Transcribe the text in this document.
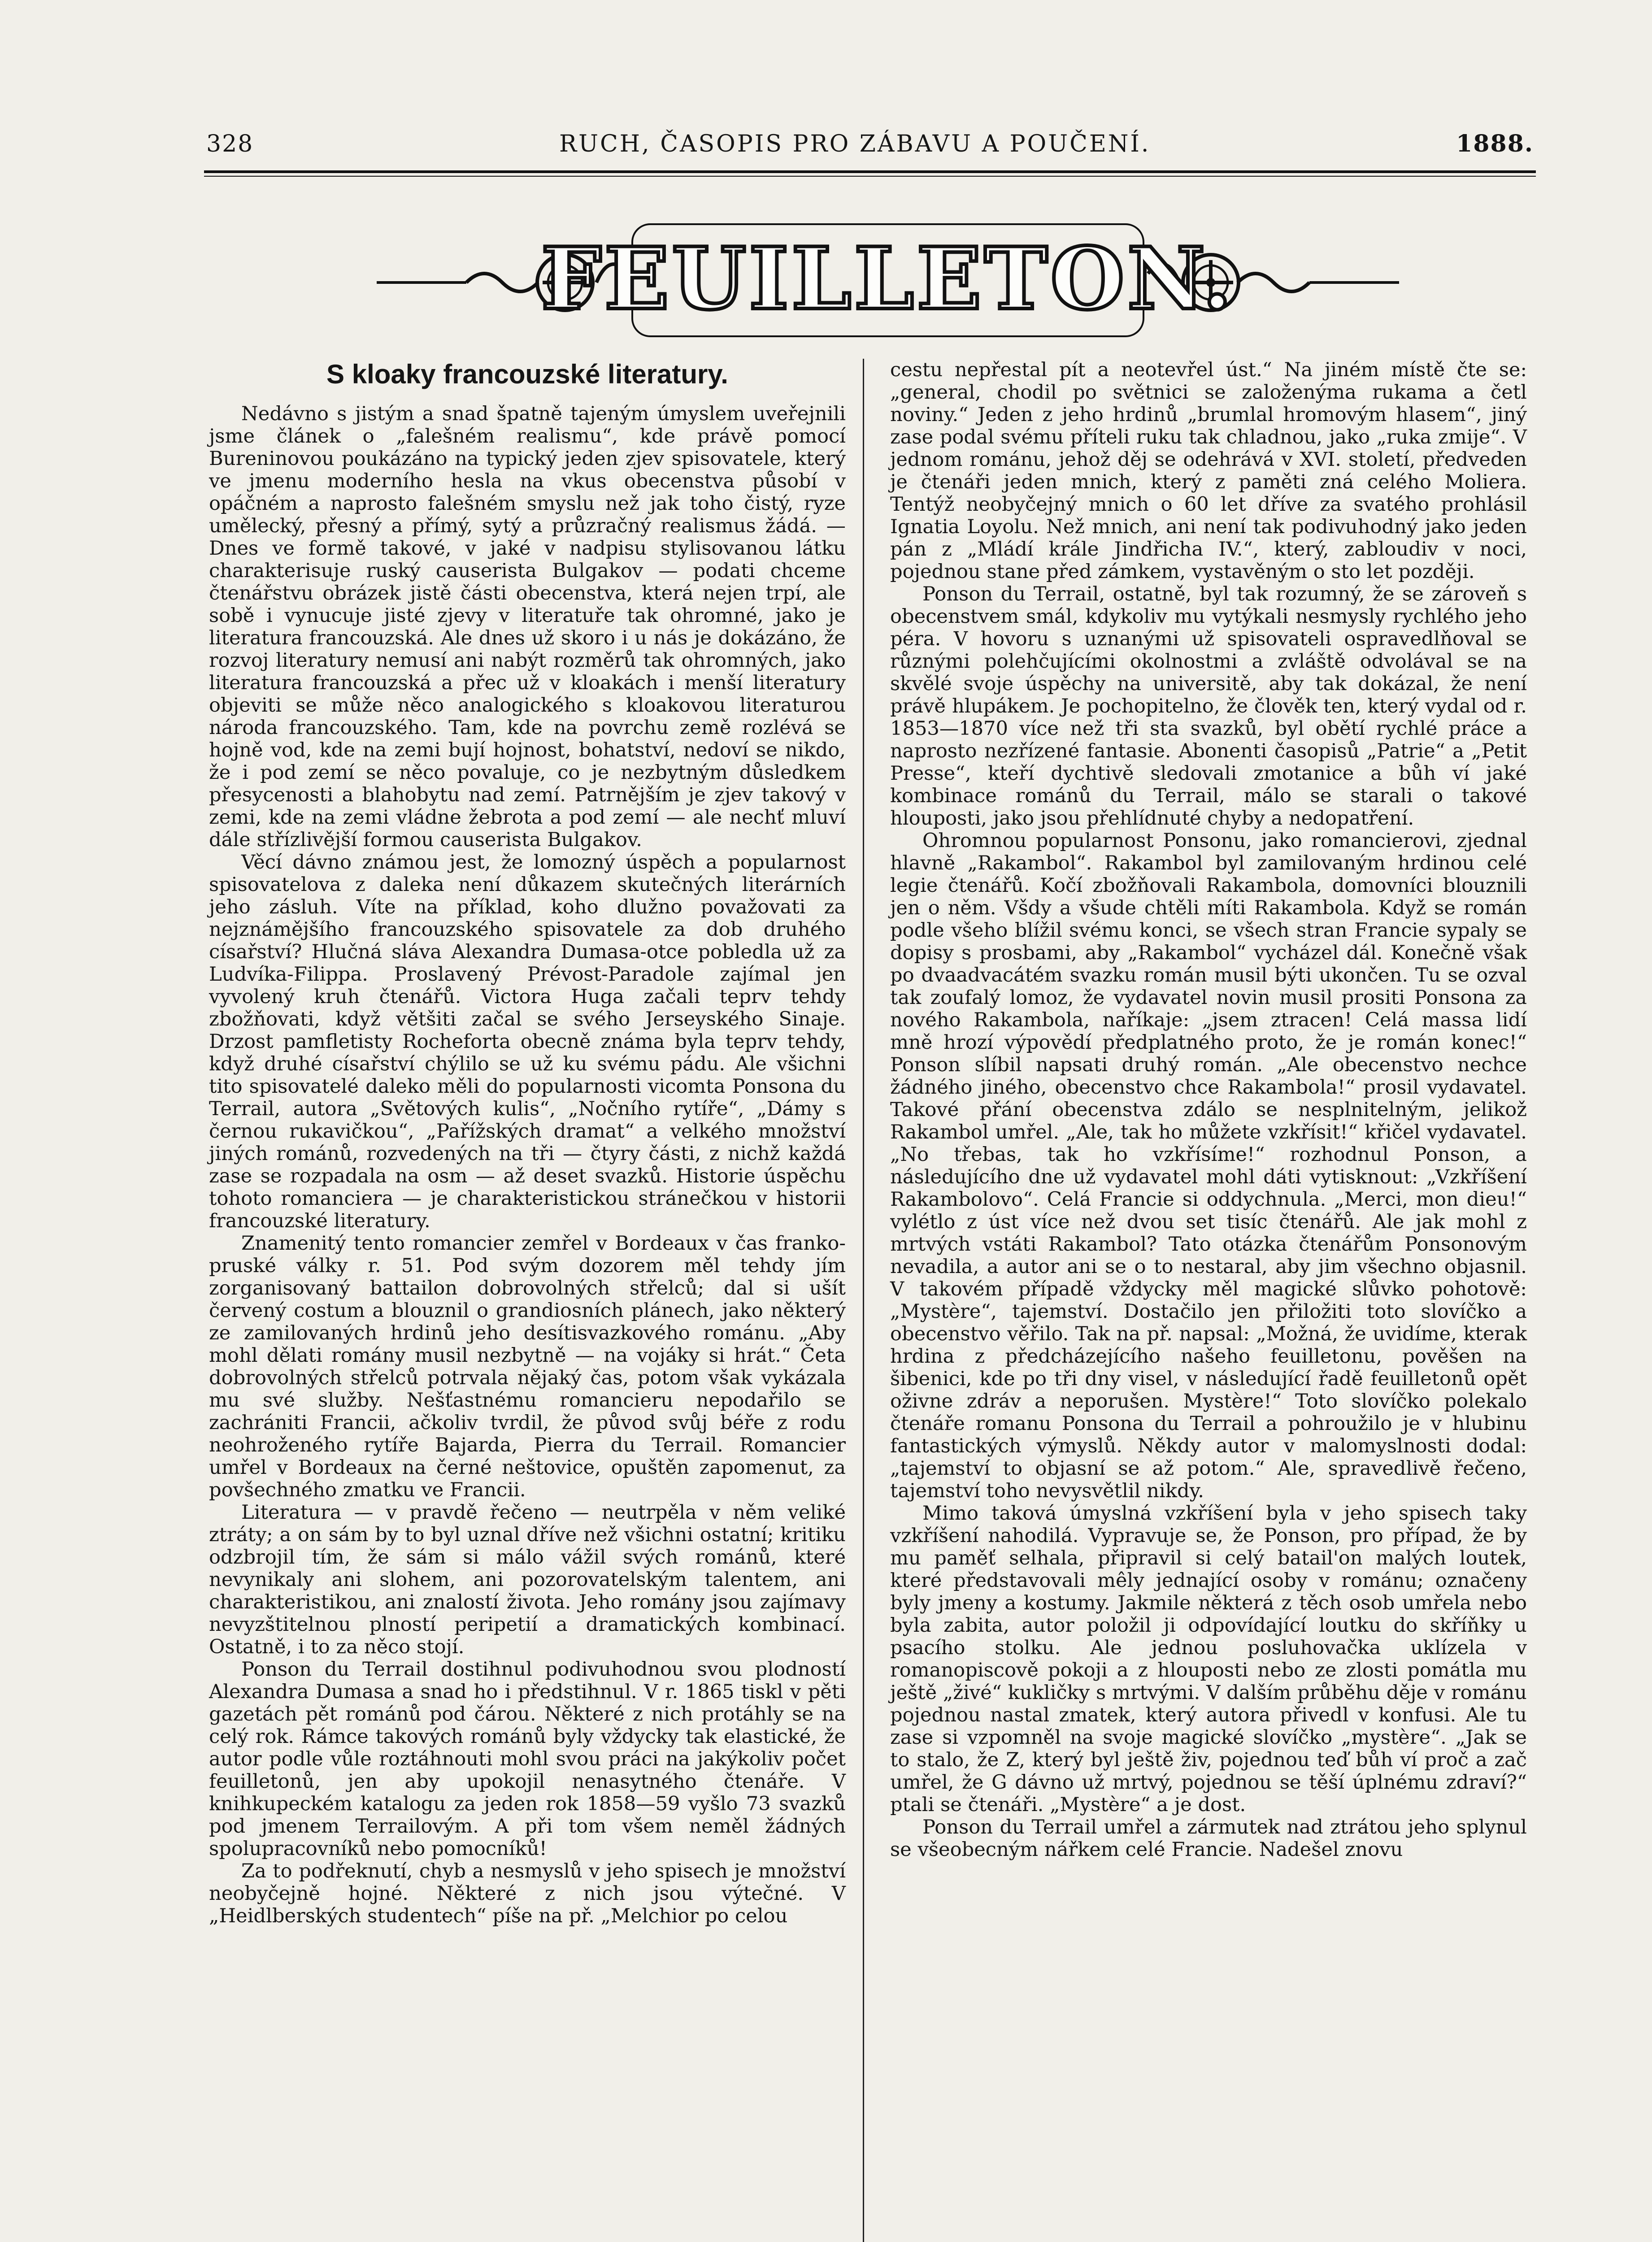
328	RUCH, ČASOPIS PRO ZÁBAVU A POUČENÍ.	1888.
FEUILLETON.
S kloaky francouzské literatury.

Nedávno s jistým a snad špatně tajeným úmyslem uveřejnili jsme článek o „falešném realismu“, kde právě pomocí Bureninovou poukázáno na typický jeden zjev spisovatele, který ve jmenu moderního hesla na vkus obecenstva působí v opáčném a naprosto falešném smyslu než jak toho čistý, ryze umělecký, přesný a přímý, sytý a průzračný realismus žádá. — Dnes ve formě takové, v jaké v nadpisu stylisovanou látku charakterisuje ruský causerista Bulgakov — podati chceme čtenářstvu obrázek jistě části obecenstva, která nejen trpí, ale sobě i vynucuje jisté zjevy v literatuře tak ohromné, jako je literatura francouzská. Ale dnes už skoro i u nás je dokázáno, že rozvoj literatury nemusí ani nabýt rozměrů tak ohromných, jako literatura francouzská a přec už v kloakách i menší literatury objeviti se může něco analogického s kloakovou literaturou národa francouzského. Tam, kde na povrchu země rozlévá se hojně vod, kde na zemi bují hojnost, bohatství, nedoví se nikdo, že i pod zemí se něco povaluje, co je nezbytným důsledkem přesycenosti a blahobytu nad zemí. Patrnějším je zjev takový v zemi, kde na zemi vládne žebrota a pod zemí — ale nechť mluví dále střízlivější formou causerista Bulgakov.

Věcí dávno známou jest, že lomozný úspěch a popularnost spisovatelova z daleka není důkazem skutečných literárních jeho zásluh. Víte na příklad, koho dlužno považovati za nejznámějšího francouzského spisovatele za dob druhého císařství? Hlučná sláva Alexandra Dumasa-otce pobledla už za Ludvíka-Filippa. Proslavený Prévost-Paradole zajímal jen vyvolený kruh čtenářů. Victora Huga začali teprv tehdy zbožňovati, když většiti začal se svého Jerseyského Sinaje. Drzost pamfletisty Rocheforta obecně známa byla teprv tehdy, když druhé císařství chýlilo se už ku svému pádu. Ale všichni tito spisovatelé daleko měli do popularnosti vicomta Ponsona du Terrail, autora „Světových kulis“, „Nočního rytíře“, „Dámy s černou rukavičkou“, „Pařížských dramat“ a velkého množství jiných románů, rozvedených na tři — čtyry části, z nichž každá zase se rozpadala na osm — až deset svazků. Historie úspěchu tohoto romanciera — je charakteristickou stránečkou v historii francouzské literatury.

Znamenitý tento romancier zemřel v Bordeaux v čas franko-pruské války r. 51. Pod svým dozorem měl tehdy jím zorganisovaný battailon dobrovolných střelců; dal si ušít červený costum a blouznil o grandiosních plánech, jako některý ze zamilovaných hrdinů jeho desítisvazkového románu. „Aby mohl dělati romány musil nezbytně — na vojáky si hrát.“ Četa dobrovolných střelců potrvala nějaký čas, potom však vykázala mu své služby. Nešťastnému romancieru nepodařilo se zachrániti Francii, ačkoliv tvrdil, že původ svůj béře z rodu neohroženého rytíře Bajarda, Pierra du Terrail. Romancier umřel v Bordeaux na černé neštovice, opuštěn zapomenut, za povšechného zmatku ve Francii.

Literatura — v pravdě řečeno — neutrpěla v něm veliké ztráty; a on sám by to byl uznal dříve než všichni ostatní; kritiku odzbrojil tím, že sám si málo vážil svých románů, které nevynikaly ani slohem, ani pozorovatelským talentem, ani charakteristikou, ani znalostí života. Jeho romány jsou zajímavy nevyzštitelnou plností peripetií a dramatických kombinací. Ostatně, i to za něco stojí.

Ponson du Terrail dostihnul podivuhodnou svou plodností Alexandra Dumasa a snad ho i předstihnul. V r. 1865 tiskl v pěti gazetách pět románů pod čárou. Některé z nich protáhly se na celý rok. Rámce takových románů byly vždycky tak elastické, že autor podle vůle roztáhnouti mohl svou práci na jakýkoliv počet feuilletonů, jen aby upokojil nenasytného čtenáře. V knihkupeckém katalogu za jeden rok 1858—59 vyšlo 73 svazků pod jmenem Terrailovým. A při tom všem neměl žádných spolupracovníků nebo pomocníků!

Za to podřeknutí, chyb a nesmyslů v jeho spisech je množství neobyčejně hojné. Některé z nich jsou výtečné. V „Heidlberských studentech“ píše na př. „Melchior po celou

cestu nepřestal pít a neotevřel úst.“ Na jiném místě čte se: „general, chodil po světnici se založenýma rukama a četl noviny.“ Jeden z jeho hrdinů „brumlal hromovým hlasem“, jiný zase podal svému příteli ruku tak chladnou, jako „ruka zmije“. V jednom románu, jehož děj se odehrává v XVI. století, předveden je čtenáři jeden mnich, který z paměti zná celého Moliera. Tentýž neobyčejný mnich o 60 let dříve za svatého prohlásil Ignatia Loyolu. Než mnich, ani není tak podivuhodný jako jeden pán z „Mládí krále Jindřicha IV.“, který, zabloudiv v noci, pojednou stane před zámkem, vystavěným o sto let později.

Ponson du Terrail, ostatně, byl tak rozumný, že se zároveň s obecenstvem smál, kdykoliv mu vytýkali nesmysly rychlého jeho péra. V hovoru s uznanými už spisovateli ospravedlňoval se různými polehčujícími okolnostmi a zvláště odvolával se na skvělé svoje úspěchy na universitě, aby tak dokázal, že není právě hlupákem. Je pochopitelno, že člověk ten, který vydal od r. 1853—1870 více než tři sta svazků, byl obětí rychlé práce a naprosto nezřízené fantasie. Abonenti časopisů „Patrie“ a „Petit Presse“, kteří dychtivě sledovali zmotanice a bůh ví jaké kombinace románů du Terrail, málo se starali o takové hlouposti, jako jsou přehlídnuté chyby a nedopatření.

Ohromnou popularnost Ponsonu, jako romancierovi, zjednal hlavně „Rakambol“. Rakambol byl zamilovaným hrdinou celé legie čtenářů. Kočí zbožňovali Rakambola, domovníci blouznili jen o něm. Všdy a všude chtěli míti Rakambola. Když se román podle všeho blížil svému konci, se všech stran Francie sypaly se dopisy s prosbami, aby „Rakambol“ vycházel dál. Konečně však po dvaadvacátém svazku román musil býti ukončen. Tu se ozval tak zoufalý lomoz, že vydavatel novin musil prositi Ponsona za nového Rakambola, naříkaje: „jsem ztracen! Celá massa lidí mně hrozí výpovědí předplatného proto, že je román konec!“ Ponson slíbil napsati druhý román. „Ale obecenstvo nechce žádného jiného, obecenstvo chce Rakambola!“ prosil vydavatel. Takové přání obecenstva zdálo se nesplnitelným, jelikož Rakambol umřel. „Ale, tak ho můžete vzkřísit!“ křičel vydavatel. „No třebas, tak ho vzkřísíme!“ rozhodnul Ponson, a následujícího dne už vydavatel mohl dáti vytisknout: „Vzkříšení Rakambolovo“. Celá Francie si oddychnula. „Merci, mon dieu!“ vylétlo z úst více než dvou set tisíc čtenářů. Ale jak mohl z mrtvých vstáti Rakambol? Tato otázka čtenářům Ponsonovým nevadila, a autor ani se o to nestaral, aby jim všechno objasnil. V takovém případě vždycky měl magické slůvko pohotově: „Mystère“, tajemství. Dostačilo jen přiložiti toto slovíčko a obecenstvo věřilo. Tak na př. napsal: „Možná, že uvidíme, kterak hrdina z předcházejícího našeho feuilletonu, pověšen na šibenici, kde po tři dny visel, v následující řadě feuilletonů opět oživne zdráv a neporušen. Mystère!“ Toto slovíčko polekalo čtenáře romanu Ponsona du Terrail a pohroužilo je v hlubinu fantastických výmyslů. Někdy autor v malomyslnosti dodal: „tajemství to objasní se až potom.“ Ale, spravedlivě řečeno, tajemství toho nevysvětlil nikdy.

Mimo taková úmyslná vzkříšení byla v jeho spisech taky vzkříšení nahodilá. Vypravuje se, že Ponson, pro případ, že by mu paměť selhala, připravil si celý batail'on malých loutek, které představovali mêly jednající osoby v románu; označeny byly jmeny a kostumy. Jakmile některá z těch osob umřela nebo byla zabita, autor položil ji odpovídající loutku do skříňky u psacího stolku. Ale jednou posluhovačka uklízela v romanopiscově pokoji a z hlouposti nebo ze zlosti pomátla mu ještě „živé“ kukličky s mrtvými. V dalším průběhu děje v románu pojednou nastal zmatek, který autora přivedl v konfusi. Ale tu zase si vzpomněl na svoje magické slovíčko „mystère“. „Jak se to stalo, že Z, který byl ještě živ, pojednou teď bůh ví proč a zač umřel, že G dávno už mrtvý, pojednou se těší úplnému zdraví?“ ptali se čtenáři. „Mystère“ a je dost.

Ponson du Terrail umřel a zármutek nad ztrátou jeho splynul se všeobecným nářkem celé Francie. Nadešel znovu
